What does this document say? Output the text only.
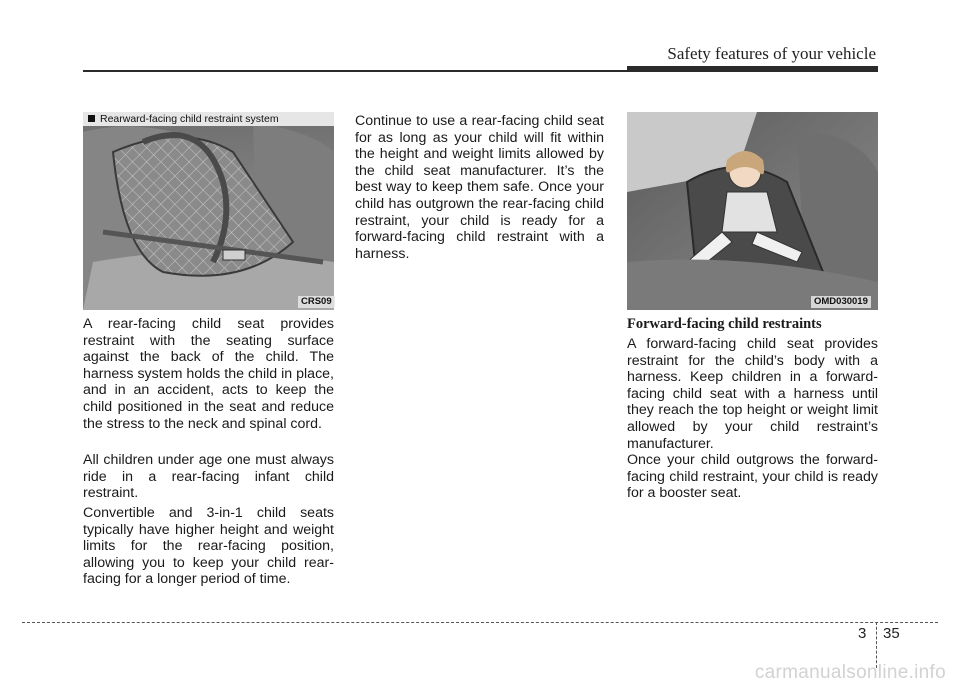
Safety features of your vehicle
Rearward-facing child restraint system
CRS09	OMD030019

A rear-facing child seat provides restraint with the seating surface against the back of the child. The harness system holds the child in place, and in an accident, acts to keep the child positioned in the seat and reduce the stress to the neck and spinal cord.

All children under age one must always ride in a rear-facing infant child restraint.

Convertible and 3-in-1 child seats typically have higher height and weight limits for the rear-facing position, allowing you to keep your child rear-facing for a longer period of time.

Continue to use a rear-facing child seat for as long as your child will fit within the height and weight limits allowed by the child seat manufacturer. It’s the best way to keep them safe. Once your child has outgrown the rear-facing child restraint, your child is ready for a forward-facing child restraint with a harness.

Forward-facing child restraints

A forward-facing child seat provides restraint for the child’s body with a harness. Keep children in a forward-facing child seat with a harness until they reach the top height or weight limit allowed by your child restraint’s manufacturer.

Once your child outgrows the forward-facing child restraint, your child is ready for a booster seat.

3 35
carmanualsonline.info
